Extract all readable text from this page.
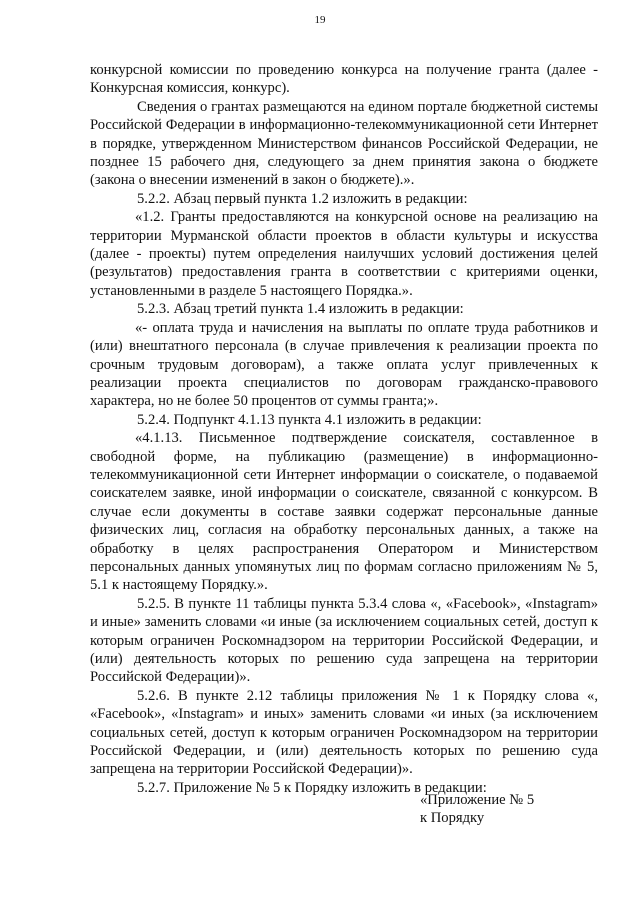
19

конкурсной комиссии по проведению конкурса на получение гранта (далее - Конкурсная комиссия, конкурс).

Сведения о грантах размещаются на едином портале бюджетной системы Российской Федерации в информационно-телекоммуникационной сети Интернет в порядке, утвержденном Министерством финансов Российской Федерации, не позднее 15 рабочего дня, следующего за днем принятия закона о бюджете (закона о внесении изменений в закон о бюджете).».

5.2.2. Абзац первый пункта 1.2 изложить в редакции:

«1.2. Гранты предоставляются на конкурсной основе на реализацию на территории Мурманской области проектов в области культуры и искусства (далее - проекты) путем определения наилучших условий достижения целей (результатов) предоставления гранта в соответствии с критериями оценки, установленными в разделе 5 настоящего Порядка.».

5.2.3. Абзац третий пункта 1.4 изложить в редакции:

«- оплата труда и начисления на выплаты по оплате труда работников и (или) внештатного персонала (в случае привлечения к реализации проекта по срочным трудовым договорам), а также оплата услуг привлеченных к реализации проекта специалистов по договорам гражданско-правового характера, но не более 50 процентов от суммы гранта;».

5.2.4. Подпункт 4.1.13 пункта 4.1 изложить в редакции:

«4.1.13. Письменное подтверждение соискателя, составленное в свободной форме, на публикацию (размещение) в информационно-телекоммуникационной сети Интернет информации о соискателе, о подаваемой соискателем заявке, иной информации о соискателе, связанной с конкурсом. В случае если документы в составе заявки содержат персональные данные физических лиц, согласия на обработку персональных данных, а также на обработку в целях распространения Оператором и Министерством персональных данных упомянутых лиц по формам согласно приложениям № 5, 5.1 к настоящему Порядку.».

5.2.5. В пункте 11 таблицы пункта 5.3.4 слова «, «Facebook», «Instagram» и иные» заменить словами «и иные (за исключением социальных сетей, доступ к которым ограничен Роскомнадзором на территории Российской Федерации, и (или) деятельность которых по решению суда запрещена на территории Российской Федерации)».

5.2.6. В пункте 2.12 таблицы приложения № 1 к Порядку слова «, «Facebook», «Instagram» и иных» заменить словами «и иных (за исключением социальных сетей, доступ к которым ограничен Роскомнадзором на территории Российской Федерации, и (или) деятельность которых по решению суда запрещена на территории Российской Федерации)».

5.2.7. Приложение № 5 к Порядку изложить в редакции:

«Приложение № 5
к Порядку
